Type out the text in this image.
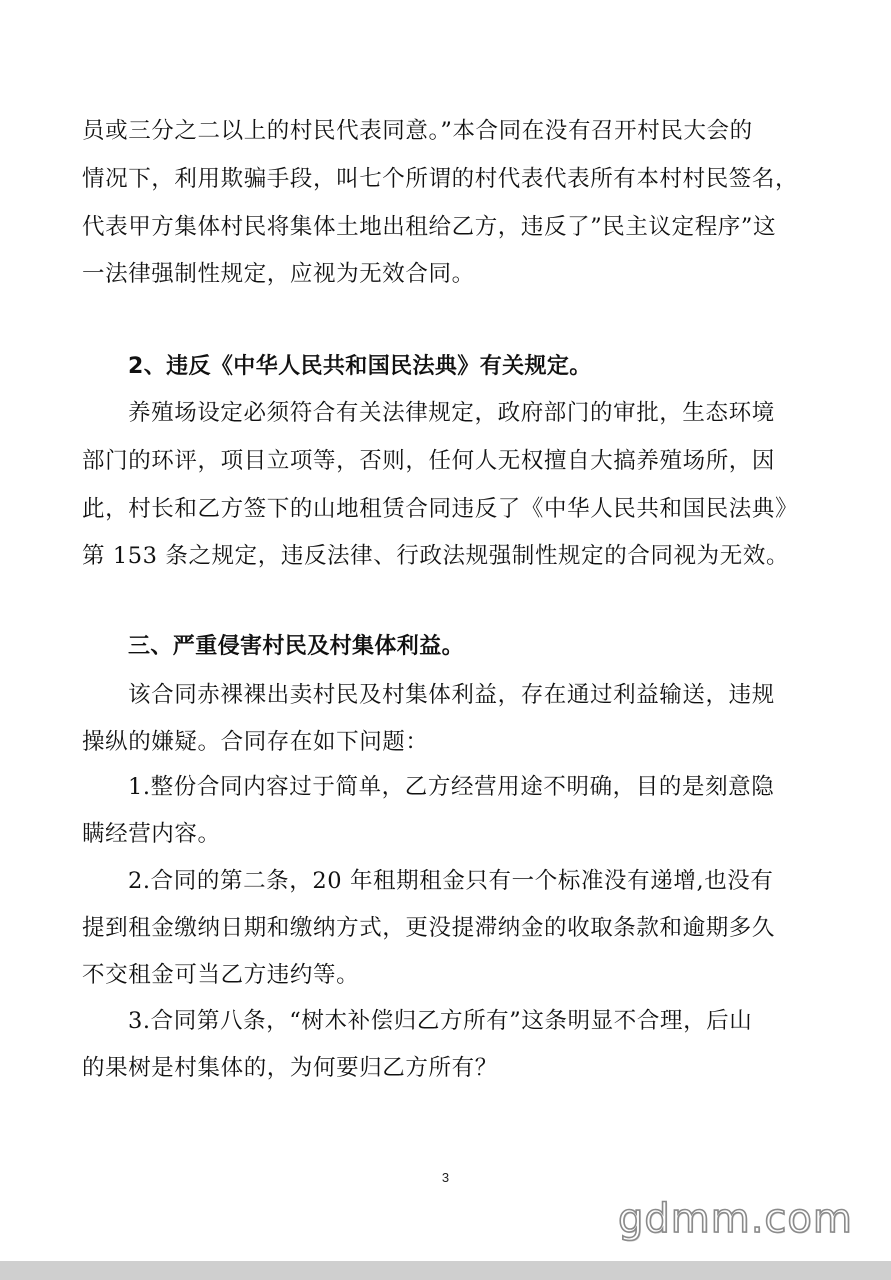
员或三分之二以上的村民代表同意。”本合同在没有召开村民大会的
情况下，利用欺骗手段，叫七个所谓的村代表代表所有本村村民签名，
代表甲方集体村民将集体土地出租给乙方，违反了”民主议定程序”这
一法律强制性规定，应视为无效合同。
2、违反《中华人民共和国民法典》有关规定。
养殖场设定必须符合有关法律规定，政府部门的审批，生态环境
部门的环评，项目立项等，否则，任何人无权擅自大搞养殖场所，因
此，村长和乙方签下的山地租赁合同违反了《中华人民共和国民法典》
第 153 条之规定，违反法律、行政法规强制性规定的合同视为无效。
三、严重侵害村民及村集体利益。
该合同赤裸裸出卖村民及村集体利益，存在通过利益输送，违规
操纵的嫌疑。合同存在如下问题：
1.整份合同内容过于简单，乙方经营用途不明确，目的是刻意隐
瞒经营内容。
2.合同的第二条，20 年租期租金只有一个标准没有递增,也没有
提到租金缴纳日期和缴纳方式，更没提滞纳金的收取条款和逾期多久
不交租金可当乙方违约等。
3.合同第八条，“树木补偿归乙方所有”这条明显不合理，后山
的果树是村集体的，为何要归乙方所有？
3
gdmm.com
